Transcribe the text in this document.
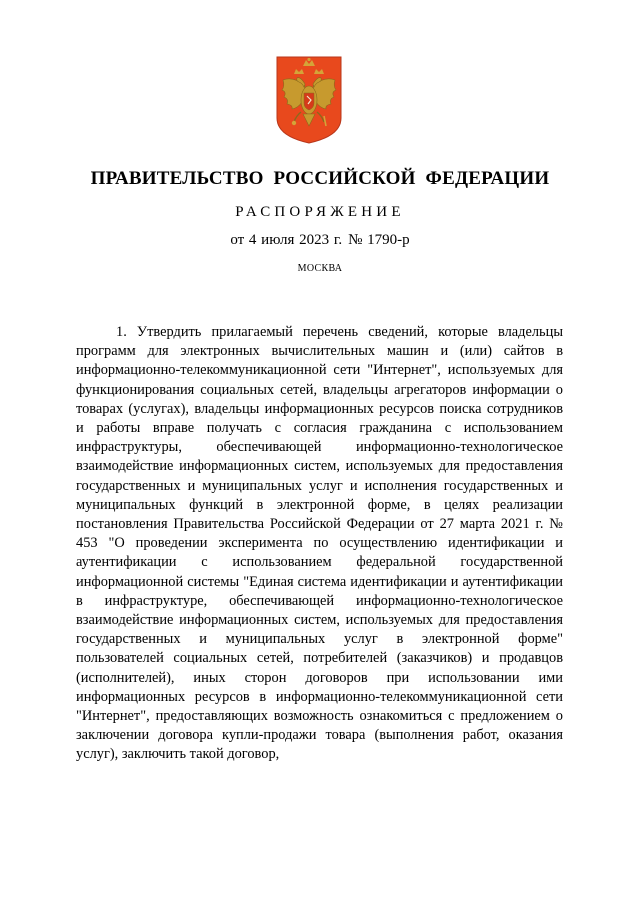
ПРАВИТЕЛЬСТВО РОССИЙСКОЙ ФЕДЕРАЦИИ
РАСПОРЯЖЕНИЕ
от 4 июля 2023 г. № 1790-р
МОСКВА

1. Утвердить прилагаемый перечень сведений, которые владельцы программ для электронных вычислительных машин и (или) сайтов в информационно-телекоммуникационной сети "Интернет", используемых для функционирования социальных сетей, владельцы агрегаторов информации о товарах (услугах), владельцы информационных ресурсов поиска сотрудников и работы вправе получать с согласия гражданина с использованием инфраструктуры, обеспечивающей информационно-технологическое взаимодействие информационных систем, используемых для предоставления государственных и муниципальных услуг и исполнения государственных и муниципальных функций в электронной форме, в целях реализации постановления Правительства Российской Федерации от 27 марта 2021 г. № 453 "О проведении эксперимента по осуществлению идентификации и аутентификации с использованием федеральной государственной информационной системы "Единая система идентификации и аутентификации в инфраструктуре, обеспечивающей информационно-технологическое взаимодействие информационных систем, используемых для предоставления государственных и муниципальных услуг в электронной форме" пользователей социальных сетей, потребителей (заказчиков) и продавцов (исполнителей), иных сторон договоров при использовании ими информационных ресурсов в информационно-телекоммуникационной сети "Интернет", предоставляющих возможность ознакомиться с предложением о заключении договора купли-продажи товара (выполнения работ, оказания услуг), заключить такой договор,
